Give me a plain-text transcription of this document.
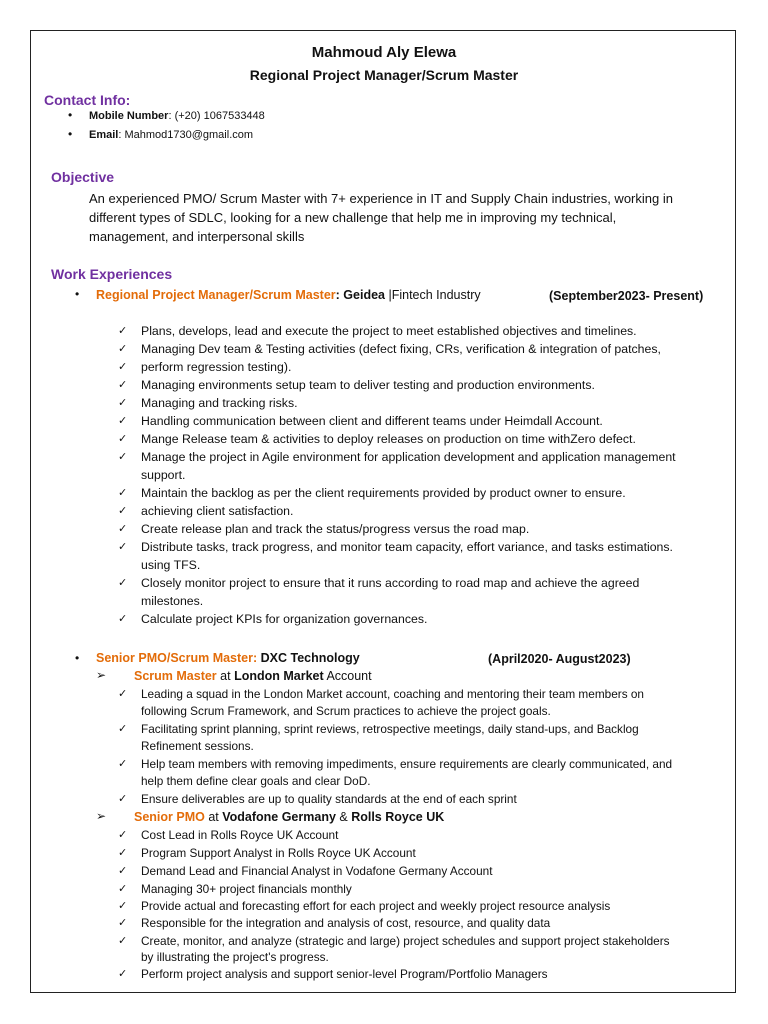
Mahmoud Aly Elewa
Regional Project Manager/Scrum Master
Contact Info:
• Mobile Number: (+20) 1067533448
• Email: Mahmod1730@gmail.com
Objective
An experienced PMO/ Scrum Master with 7+ experience in IT and Supply Chain industries, working in
different types of SDLC, looking for a new challenge that help me in improving my technical,
management, and interpersonal skills
Work Experiences
• Regional Project Manager/Scrum Master: Geidea |Fintech Industry	(September2023- Present)
✓ Plans, develops, lead and execute the project to meet established objectives and timelines.
✓ Managing Dev team & Testing activities (defect fixing, CRs, verification & integration of patches,
✓ perform regression testing).
✓ Managing environments setup team to deliver testing and production environments.
✓ Managing and tracking risks.
✓ Handling communication between client and different teams under Heimdall Account.
✓ Mange Release team & activities to deploy releases on production on time withZero defect.
✓ Manage the project in Agile environment for application development and application management
support.
✓ Maintain the backlog as per the client requirements provided by product owner to ensure.
✓ achieving client satisfaction.
✓ Create release plan and track the status/progress versus the road map.
✓ Distribute tasks, track progress, and monitor team capacity, effort variance, and tasks estimations.
using TFS.
✓ Closely monitor project to ensure that it runs according to road map and achieve the agreed
milestones.
✓ Calculate project KPIs for organization governances.
• Senior PMO/Scrum Master: DXC Technology	(April2020- August2023)
➢ Scrum Master at London Market Account
✓ Leading a squad in the London Market account, coaching and mentoring their team members on
following Scrum Framework, and Scrum practices to achieve the project goals.
✓ Facilitating sprint planning, sprint reviews, retrospective meetings, daily stand-ups, and Backlog
Refinement sessions.
✓ Help team members with removing impediments, ensure requirements are clearly communicated, and
help them define clear goals and clear DoD.
✓ Ensure deliverables are up to quality standards at the end of each sprint
➢ Senior PMO at Vodafone Germany & Rolls Royce UK
✓ Cost Lead in Rolls Royce UK Account
✓ Program Support Analyst in Rolls Royce UK Account
✓ Demand Lead and Financial Analyst in Vodafone Germany Account
✓ Managing 30+ project financials monthly
✓ Provide actual and forecasting effort for each project and weekly project resource analysis
✓ Responsible for the integration and analysis of cost, resource, and quality data
✓ Create, monitor, and analyze (strategic and large) project schedules and support project stakeholders
by illustrating the project's progress.
✓ Perform project analysis and support senior-level Program/Portfolio Managers
